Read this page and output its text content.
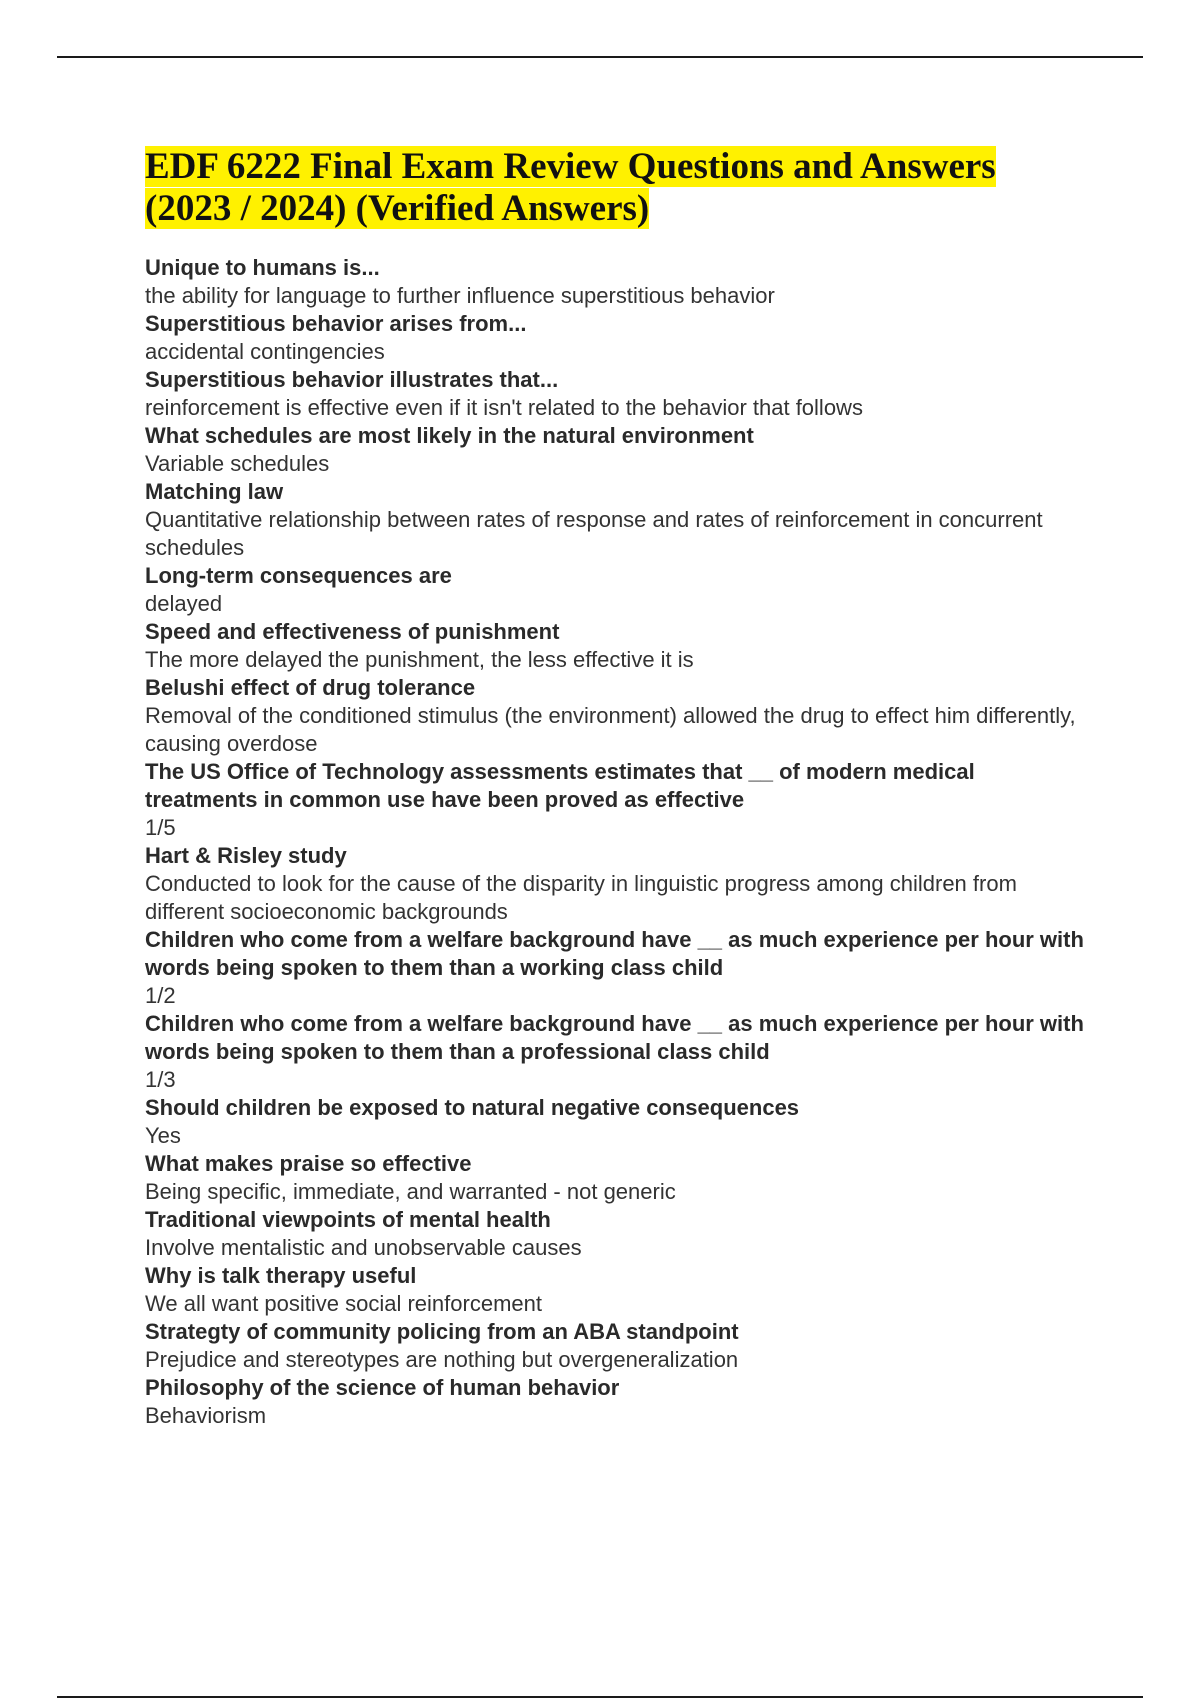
EDF 6222 Final Exam Review Questions and Answers (2023 / 2024) (Verified Answers)
Unique to humans is...
the ability for language to further influence superstitious behavior
Superstitious behavior arises from...
accidental contingencies
Superstitious behavior illustrates that...
reinforcement is effective even if it isn't related to the behavior that follows
What schedules are most likely in the natural environment
Variable schedules
Matching law
Quantitative relationship between rates of response and rates of reinforcement in concurrent schedules
Long-term consequences are
delayed
Speed and effectiveness of punishment
The more delayed the punishment, the less effective it is
Belushi effect of drug tolerance
Removal of the conditioned stimulus (the environment) allowed the drug to effect him differently, causing overdose
The US Office of Technology assessments estimates that __ of modern medical treatments in common use have been proved as effective
1/5
Hart & Risley study
Conducted to look for the cause of the disparity in linguistic progress among children from different socioeconomic backgrounds
Children who come from a welfare background have __ as much experience per hour with words being spoken to them than a working class child
1/2
Children who come from a welfare background have __ as much experience per hour with words being spoken to them than a professional class child
1/3
Should children be exposed to natural negative consequences
Yes
What makes praise so effective
Being specific, immediate, and warranted - not generic
Traditional viewpoints of mental health
Involve mentalistic and unobservable causes
Why is talk therapy useful
We all want positive social reinforcement
Strategty of community policing from an ABA standpoint
Prejudice and stereotypes are nothing but overgeneralization
Philosophy of the science of human behavior
Behaviorism
